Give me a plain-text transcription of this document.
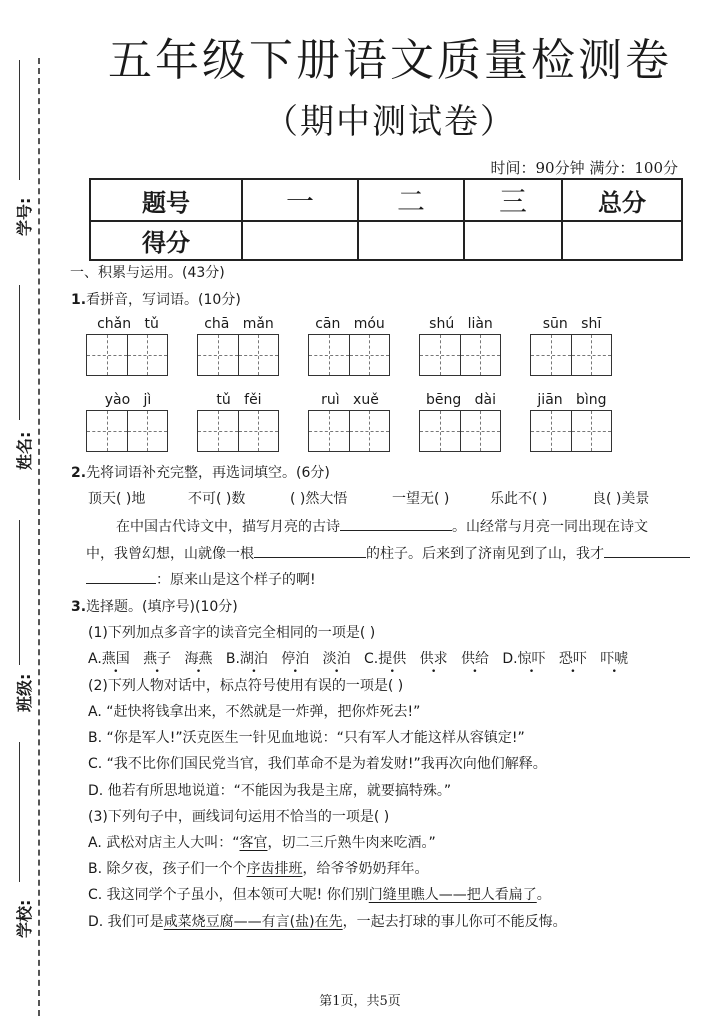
学号:
姓名:
班级:
学校:
五年级下册语文质量检测卷
（期中测试卷）
时间：90分钟 满分：100分
题号	一	二	三	总分
得分				
一、积累与运用。(43分)
1.看拼音，写词语。(10分)
chǎn tǔ	chā mǎn	cān móu	shú liàn	sūn shī
yào jì	tǔ fěi	ruì xuě	bēng dài	jiān bìng
2.先将词语补充完整，再选词填空。(6分)
顶天( )地	不可( )数	( )然大悟	一望无( )	乐此不( )	良( )美景
在中国古代诗文中，描写月亮的古诗	。山经常与月亮一同出现在诗文
中，我曾幻想，山就像一根	的柱子。后来到了济南见到了山，我才
：原来山是这个样子的啊!
3.选择题。(填序号)(10分)
(1)下列加点多音字的读音完全相同的一项是( )
A.燕国 燕子 海燕 B.湖泊 停泊 淡泊 C.提供 供求 供给 D.惊吓 恐吓 吓唬
(2)下列人物对话中，标点符号使用有误的一项是( )
A. “赶快将钱拿出来，不然就是一炸弹，把你炸死去!”
B. “你是军人!”沃克医生一针见血地说：“只有军人才能这样从容镇定!”
C. “我不比你们国民党当官，我们革命不是为着发财!”我再次向他们解释。
D. 他若有所思地说道：“不能因为我是主席，就要搞特殊。”
(3)下列句子中，画线词句运用不恰当的一项是( )
A. 武松对店主人大叫：“客官，切二三斤熟牛肉来吃酒。”
B. 除夕夜，孩子们一个个序齿排班，给爷爷奶奶拜年。
C. 我这同学个子虽小，但本领可大呢! 你们别门缝里瞧人——把人看扁了。
D. 我们可是咸菜烧豆腐——有言(盐)在先，一起去打球的事儿你可不能反悔。
第1页，共5页
